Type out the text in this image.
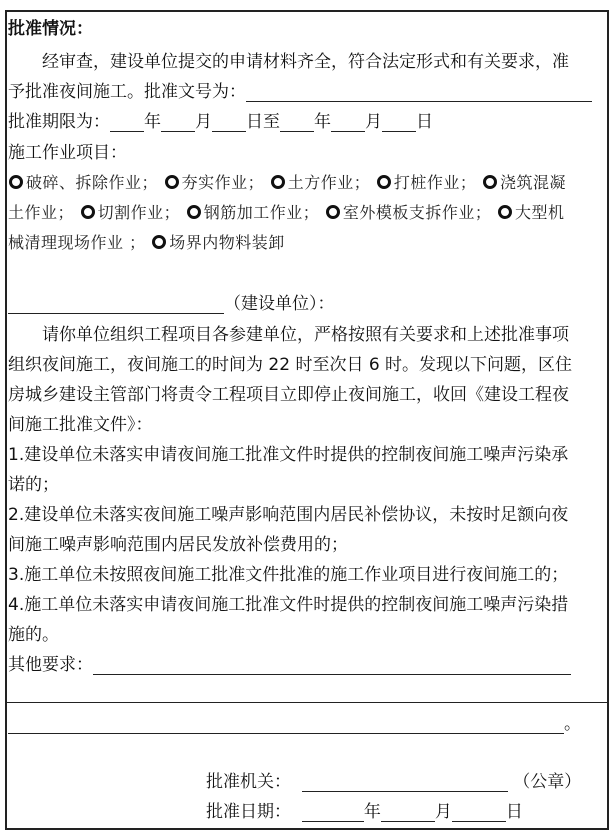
批准情况：
经审查，建设单位提交的申请材料齐全，符合法定形式和有关要求，准
予批准夜间施工。批准文号为：
批准期限为： 年 月 日至 年 月 日
施工作业项目：
破碎、拆除作业； 夯实作业； 土方作业； 打桩作业； 浇筑混凝
土作业； 切割作业； 钢筋加工作业； 室外模板支拆作业； 大型机
械清理现场作业 ； 场界内物料装卸
（建设单位）：
请你单位组织工程项目各参建单位，严格按照有关要求和上述批准事项
组织夜间施工，夜间施工的时间为 22 时至次日 6 时。发现以下问题，区住
房城乡建设主管部门将责令工程项目立即停止夜间施工，收回《建设工程夜
间施工批准文件》：
1.建设单位未落实申请夜间施工批准文件时提供的控制夜间施工噪声污染承
诺的；
2.建设单位未落实夜间施工噪声影响范围内居民补偿协议，未按时足额向夜
间施工噪声影响范围内居民发放补偿费用的；
3.施工单位未按照夜间施工批准文件批准的施工作业项目进行夜间施工的；
4.施工单位未落实申请夜间施工批准文件时提供的控制夜间施工噪声污染措
施的。
其他要求：
。
批准机关：	（公章）
批准日期：	年	月	日
